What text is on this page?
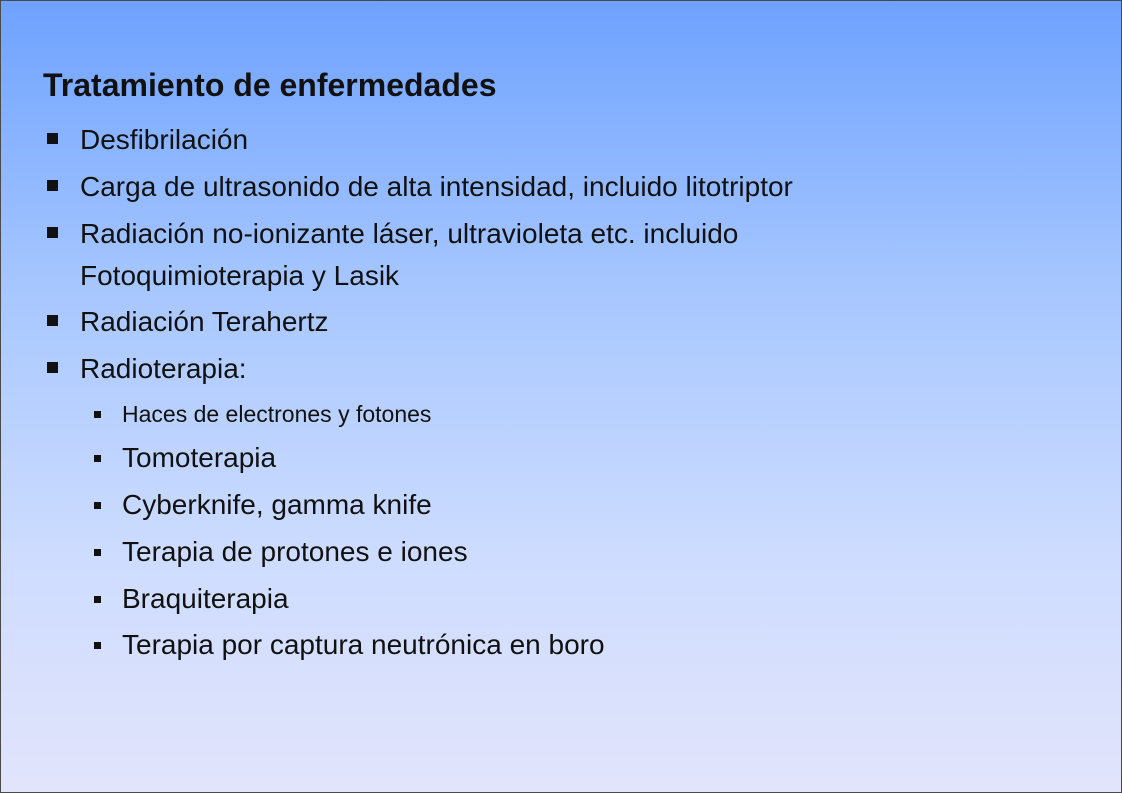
Tratamiento de enfermedades
Desfibrilación
Carga de ultrasonido de alta intensidad, incluido litotriptor
Radiación no-ionizante láser, ultravioleta etc. incluido
Fotoquimioterapia y Lasik
Radiación Terahertz
Radioterapia:
Haces de electrones y fotones
Tomoterapia
Cyberknife, gamma knife
Terapia de protones e iones
Braquiterapia
Terapia por captura neutrónica en boro
